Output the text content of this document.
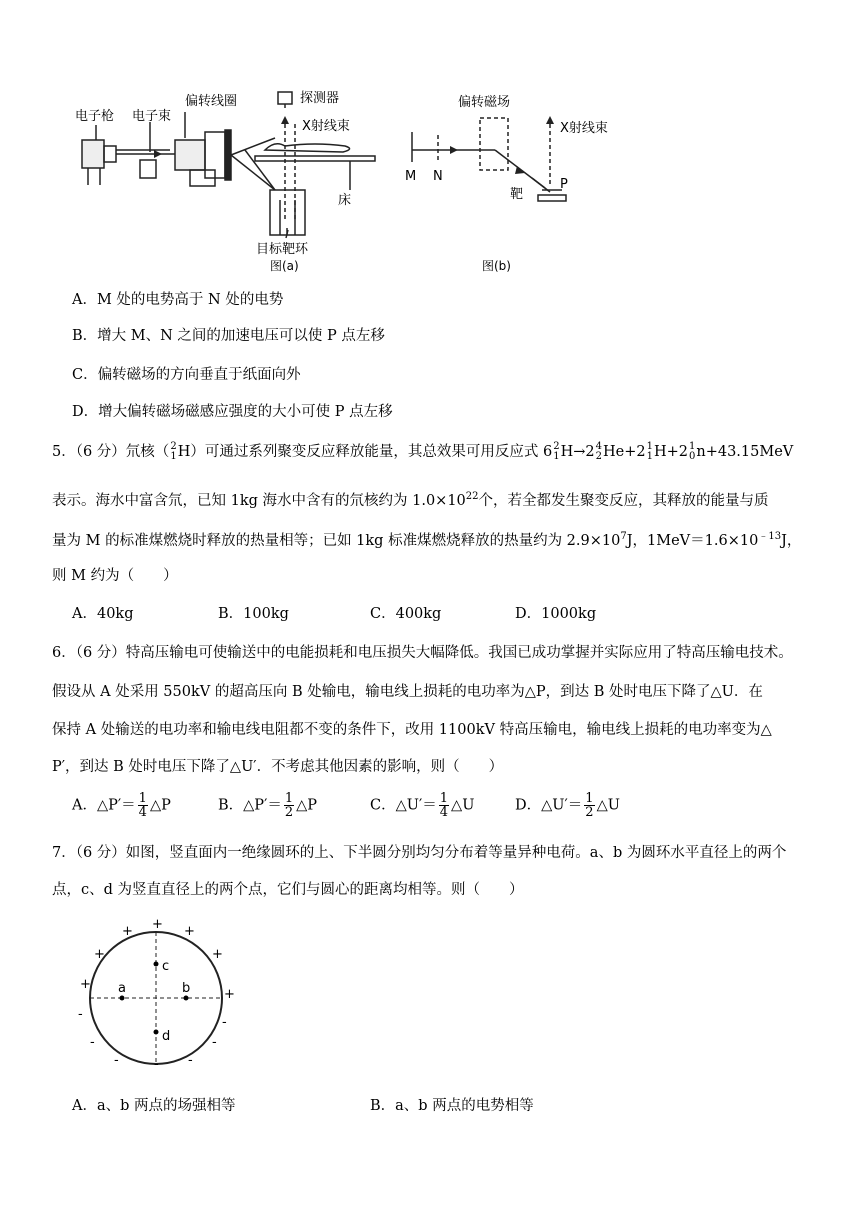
电子枪 电子束
偏转线圈	探测器
X射线束
床
目标靶环
图(a)
偏转磁场
X射线束
M N
靶
P
图(b)
A．M 处的电势高于 N 处的电势
B．增大 M、N 之间的加速电压可以使 P 点左移
C．偏转磁场的方向垂直于纸面向外
D．增大偏转磁场磁感应强度的大小可使 P 点左移
5．（6 分）氘核（ 2
1 H）可通过系列聚变反应释放能量，其总效果可用反应式 6 2
1 H→2 4
2 He+2 1
1 H+2 1
0 n+43.15MeV
表示。海水中富含氘，已知 1kg 海水中含有的氘核约为 $1.0\times 10^{22}$个，若全都发生聚变反应，其释放的能量与质
量为 M 的标准煤燃烧时释放的热量相等；已如 1kg 标准煤燃烧释放的热量约为 $2.9\times 10^7J$，$1MeV=1.6\times 10^{﹣13}J$，
则 M 约为（　　）
A．40kg	B．100kg	C．400kg	D．1000kg
6．（6 分）特高压输电可使输送中的电能损耗和电压损失大幅降低。我国已成功掌握并实际应用了特高压输电技术。
假设从 A 处采用 550kV 的超高压向 B 处输电，输电线上损耗的电功率为△P，到达 B 处时电压下降了△U．在
保持 A 处输送的电功率和输电线电阻都不变的条件下，改用 1100kV 特高压输电，输电线上损耗的电功率变为△
P′，到达 B 处时电压下降了△U′．不考虑其他因素的影响，则（　　）
A．△P′＝ $\frac{1}{4}$ △P	B．△P′＝ $\frac{1}{2}$ △P	C．△U′＝ $\frac{1}{4}$ △U	D．△U′＝ $\frac{1}{2}$ △U
7．（6 分）如图，竖直面内一绝缘圆环的上、下半圆分别均匀分布着等量异种电荷。a、b 为圆环水平直径上的两个
点，c、d 为竖直直径上的两个点，它们与圆心的距离均相等。则（　　）
a	b
c
d
+ + +
+	+
+
+
-
-
-	-
-	-
-
A．a、b 两点的场强相等	B．a、b 两点的电势相等
